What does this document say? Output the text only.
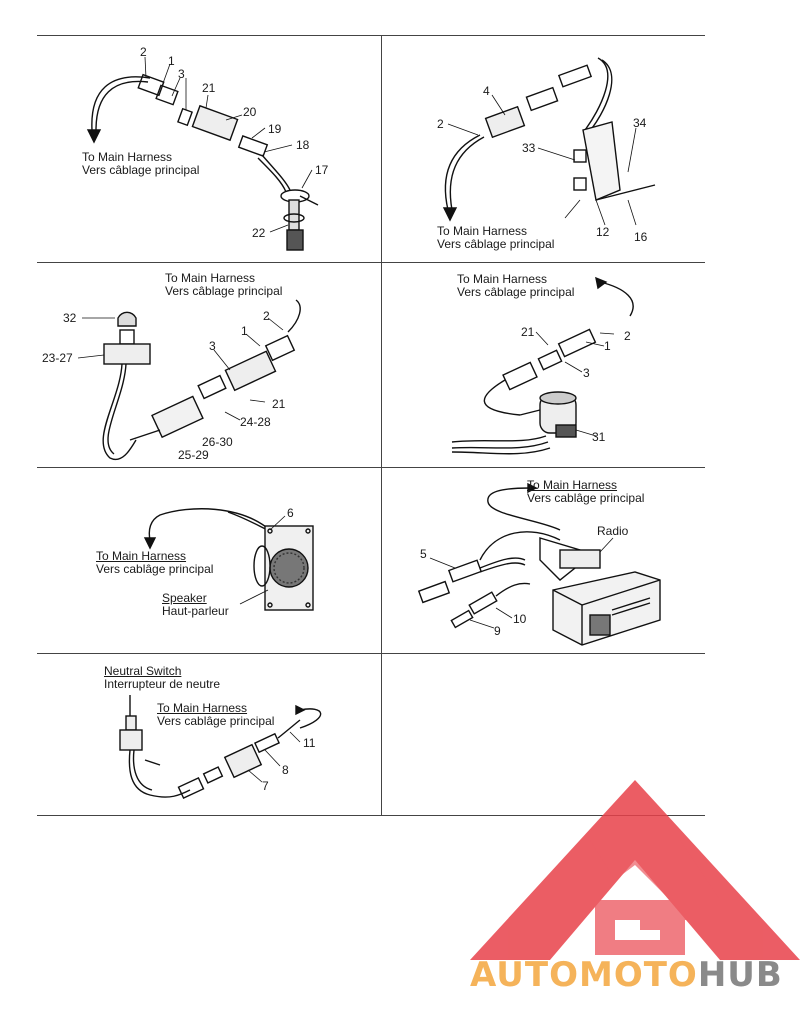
To Main Harness
Vers câblage principal
2
1
3
21
20
19
18
17
22	To Main Harness
Vers câblage principal
4
2
33
34
12 16
To Main Harness
Vers câblage principal
32
23-27
1
2
3
21
24-28
26-30
25-29
To Main Harness
Vers câblage principal
21
1
2
3
31
To Main Harness
Vers cablâge principal
Speaker
Haut-parleur
6
To Main Harness
Vers cablâge principal
Radio
5
10
9
Neutral Switch
Interrupteur de neutre
To Main Harness
Vers cablâge principal
11
8
7
AUTOMOTOHUB
